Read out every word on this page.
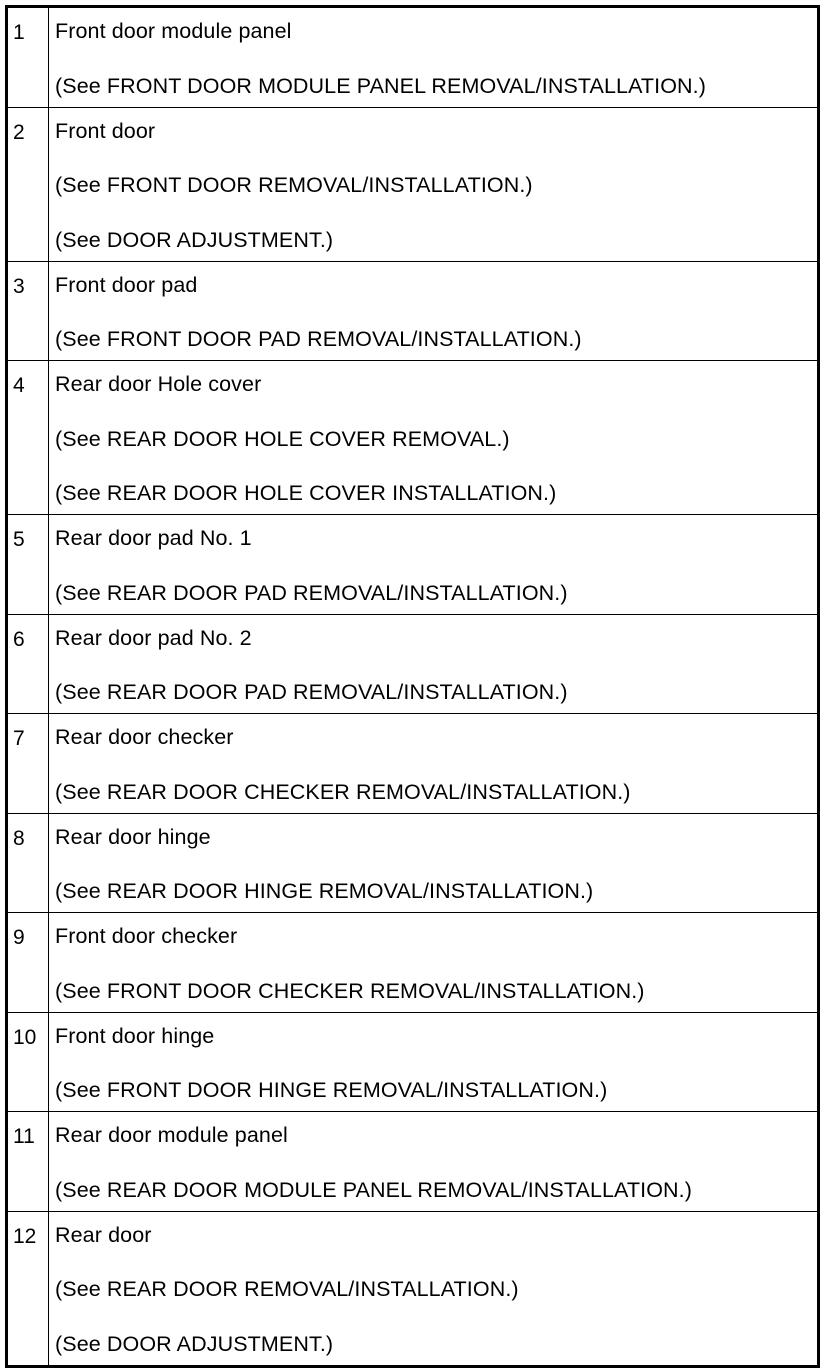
1	Front door module panel
(See FRONT DOOR MODULE PANEL REMOVAL/INSTALLATION.)

2	Front door
(See FRONT DOOR REMOVAL/INSTALLATION.)
(See DOOR ADJUSTMENT.)

3	Front door pad
(See FRONT DOOR PAD REMOVAL/INSTALLATION.)

4	Rear door Hole cover
(See REAR DOOR HOLE COVER REMOVAL.)
(See REAR DOOR HOLE COVER INSTALLATION.)

5	Rear door pad No. 1
(See REAR DOOR PAD REMOVAL/INSTALLATION.)

6	Rear door pad No. 2
(See REAR DOOR PAD REMOVAL/INSTALLATION.)

7	Rear door checker
(See REAR DOOR CHECKER REMOVAL/INSTALLATION.)

8	Rear door hinge
(See REAR DOOR HINGE REMOVAL/INSTALLATION.)

9	Front door checker
(See FRONT DOOR CHECKER REMOVAL/INSTALLATION.)

10	Front door hinge
(See FRONT DOOR HINGE REMOVAL/INSTALLATION.)

11	Rear door module panel
(See REAR DOOR MODULE PANEL REMOVAL/INSTALLATION.)

12	Rear door
(See REAR DOOR REMOVAL/INSTALLATION.)
(See DOOR ADJUSTMENT.)
